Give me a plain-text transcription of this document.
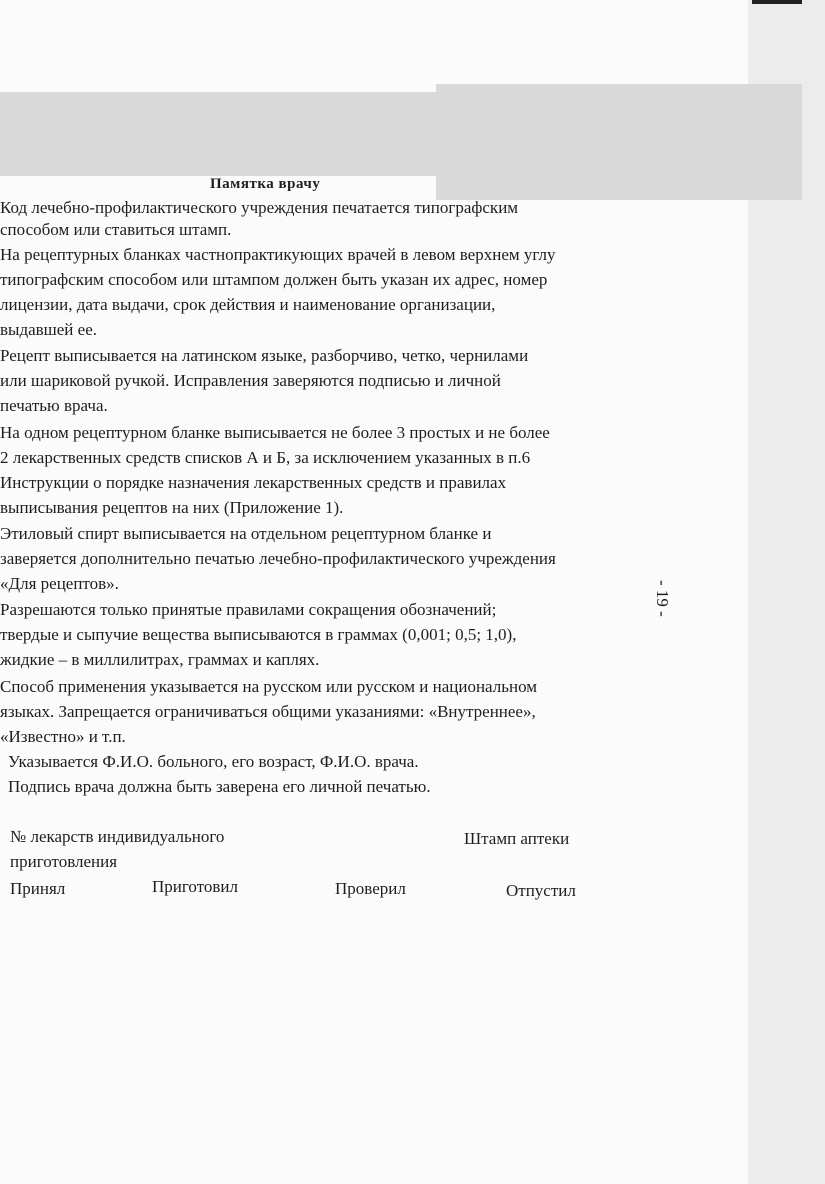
Памятка врачу
Код лечебно-профилактического учреждения печатается типографским
способом или ставиться штамп.
На рецептурных бланках частнопрактикующих врачей в левом верхнем углу
типографским способом или штампом должен быть указан их адрес, номер
лицензии, дата выдачи, срок действия и наименование организации,
выдавшей ее.
Рецепт выписывается на латинском языке, разборчиво, четко, чернилами
или шариковой ручкой. Исправления заверяются подписью и личной
печатью врача.
На одном рецептурном бланке выписывается не более 3 простых и не более
2 лекарственных средств списков А и Б, за исключением указанных в п.6
Инструкции о порядке назначения лекарственных средств и правилах
выписывания рецептов на них (Приложение 1).
Этиловый спирт выписывается на отдельном рецептурном бланке и
заверяется дополнительно печатью лечебно-профилактического учреждения
«Для рецептов».
Разрешаются только принятые правилами сокращения обозначений;
твердые и сыпучие вещества выписываются в граммах (0,001; 0,5; 1,0),
жидкие – в миллилитрах, граммах и каплях.
Способ применения указывается на русском или русском и национальном
языках. Запрещается ограничиваться общими указаниями: «Внутреннее»,
«Известно» и т.п.
Указывается Ф.И.О. больного, его возраст, Ф.И.О. врача.
Подпись врача должна быть заверена его личной печатью.
№ лекарств индивидуального
приготовления
Штамп аптеки
Принял	Приготовил	Проверил	Отпустил
- 19 -
